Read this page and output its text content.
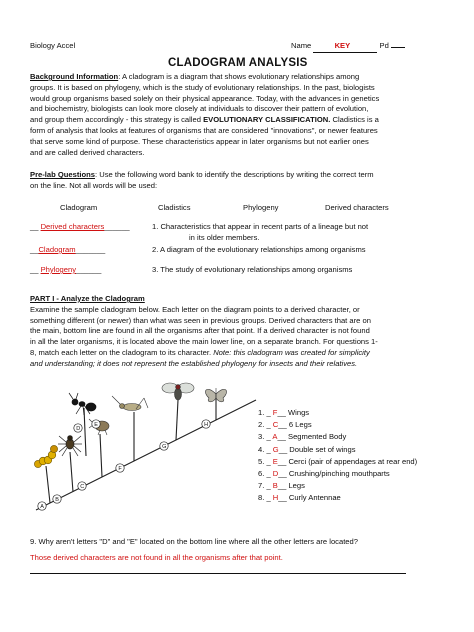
Biology Accel	Name	KEY	Pd
CLADOGRAM ANALYSIS
Background Information: A cladogram is a diagram that shows evolutionary relationships among
groups. It is based on phylogeny, which is the study of evolutionary relationships. In the past, biologists
would group organisms based solely on their physical appearance. Today, with the advances in genetics
and biochemistry, biologists can look more closely at individuals to discover their pattern of evolution,
and group them accordingly - this strategy is called EVOLUTIONARY CLASSIFICATION. Cladistics is a
form of analysis that looks at features of organisms that are considered "innovations", or newer features
that serve some kind of purpose. These characteristics appear in later organisms but not earlier ones
and are called derived characters.
Pre-lab Questions: Use the following word bank to identify the descriptions by writing the correct term
on the line. Not all words will be used:
Cladogram	Cladistics	Phylogeny	Derived characters
__ Derived characters______	1. Characteristics that appear in recent parts of a lineage but not
in its older members.
__Cladogram_______	2. A diagram of the evolutionary relationships among organisms
__ Phylogeny______	3. The study of evolutionary relationships among organisms
PART I - Analyze the Cladogram
Examine the sample cladogram below. Each letter on the diagram points to a derived character, or
something different (or newer) than what was seen in previous groups. Derived characters that are on
the main, bottom line are found in all the organisms after that point. If a derived character is not found
in all the later organisms, it is located above the main lower line, on a separate branch. For questions 1-
8, match each letter on the cladogram to its character. Note: this cladogram was created for simplicity
and understanding; it does not represent the established phylogeny for insects and their relatives.
A
B
C
D
E
F
G
H
1. _ F__ Wings
2. _ C__ 6 Legs
3. _ A__ Segmented Body
4. _ G__ Double set of wings
5. _ E__ Cerci (pair of appendages at rear end)
6. _ D__ Crushing/pinching mouthparts
7. _ B__ Legs
8. _ H__ Curly Antennae
9. Why aren't letters "D" and "E" located on the bottom line where all the other letters are located?
Those derived characters are not found in all the organisms after that point.
